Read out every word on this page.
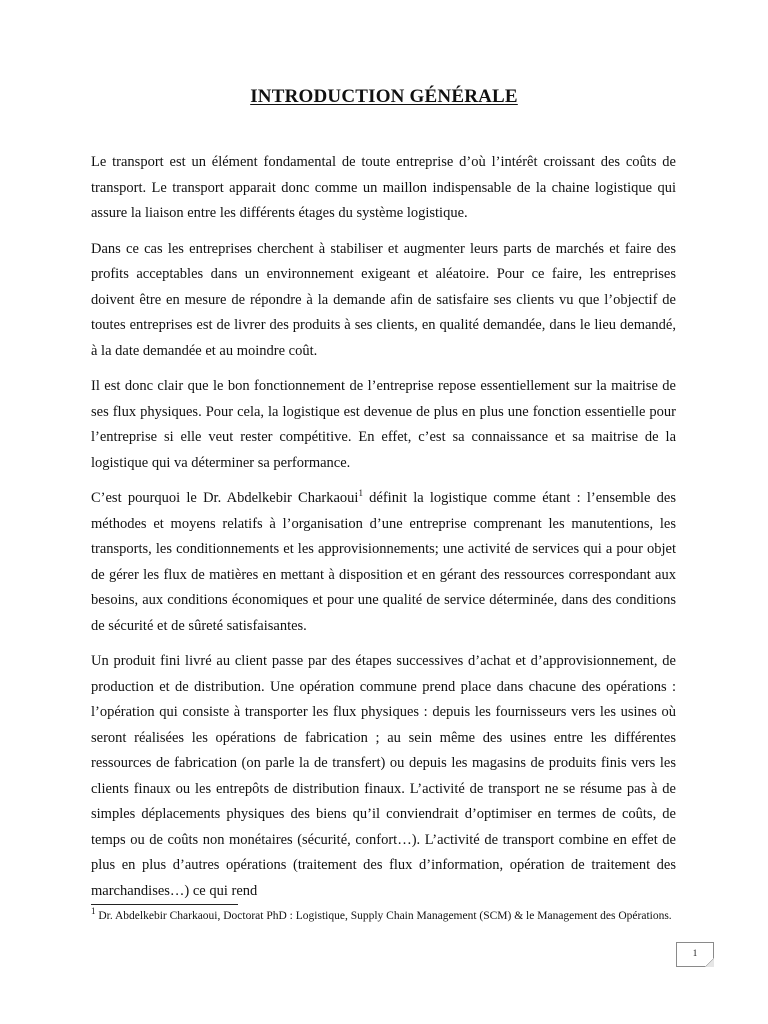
INTRODUCTION GÉNÉRALE

Le transport est un élément fondamental de toute entreprise d’où l’intérêt croissant des coûts de transport. Le transport apparait donc comme un maillon indispensable de la chaine logistique qui assure la liaison entre les différents étages du système logistique.

Dans ce cas les entreprises cherchent à stabiliser et augmenter leurs parts de marchés et faire des profits acceptables dans un environnement exigeant et aléatoire. Pour ce faire, les entreprises doivent être en mesure de répondre à la demande afin de satisfaire ses clients vu que l’objectif de toutes entreprises est de livrer des produits à ses clients, en qualité demandée, dans le lieu demandé, à la date demandée et au moindre coût.

Il est donc clair que le bon fonctionnement de l’entreprise repose essentiellement sur la maitrise de ses flux physiques. Pour cela, la logistique est devenue de plus en plus une fonction essentielle pour l’entreprise si elle veut rester compétitive. En effet, c’est sa connaissance et sa maitrise de la logistique qui va déterminer sa performance.

C’est pourquoi le Dr. Abdelkebir Charkaoui$^1$ définit la logistique comme étant : l’ensemble des méthodes et moyens relatifs à l’organisation d’une entreprise comprenant les manutentions, les transports, les conditionnements et les approvisionnements; une activité de services qui a pour objet de gérer les flux de matières en mettant à disposition et en gérant des ressources correspondant aux besoins, aux conditions économiques et pour une qualité de service déterminée, dans des conditions de sécurité et de sûreté satisfaisantes.

Un produit fini livré au client passe par des étapes successives d’achat et d’approvisionnement, de production et de distribution. Une opération commune prend place dans chacune des opérations : l’opération qui consiste à transporter les flux physiques : depuis les fournisseurs vers les usines où seront réalisées les opérations de fabrication ; au sein même des usines entre les différentes ressources de fabrication (on parle la de transfert) ou depuis les magasins de produits finis vers les clients finaux ou les entrepôts de distribution finaux. L’activité de transport ne se résume pas à de simples déplacements physiques des biens qu’il conviendrait d’optimiser en termes de coûts, de temps ou de coûts non monétaires (sécurité, confort…). L’activité de transport combine en effet de plus en plus d’autres opérations (traitement des flux d’information, opération de traitement des marchandises…) ce qui rend

$^1$ Dr. Abdelkebir Charkaoui, Doctorat PhD : Logistique, Supply Chain Management (SCM) & le Management des Opérations.
1
